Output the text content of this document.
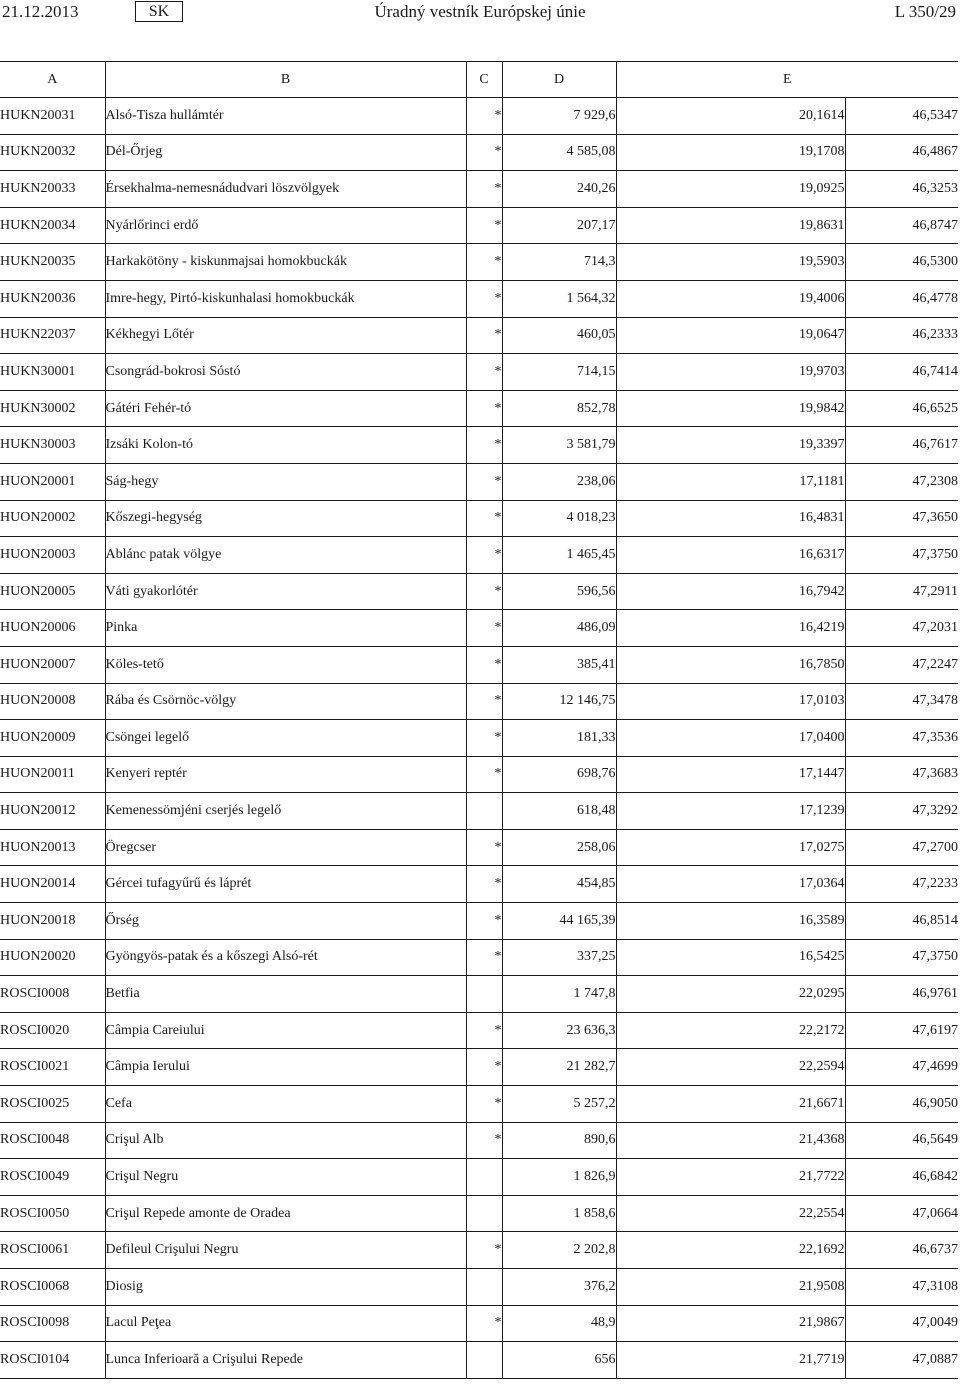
21.12.2013	SK	Úradný vestník Európskej únie	L 350/29
A	B	C	D	E	
HUKN20031	Alsó-Tisza hullámtér	*	7 929,6	20,1614	46,5347
HUKN20032	Dél-Őrjeg	*	4 585,08	19,1708	46,4867
HUKN20033	Érsekhalma-nemesnádudvari löszvölgyek	*	240,26	19,0925	46,3253
HUKN20034	Nyárlőrinci erdő	*	207,17	19,8631	46,8747
HUKN20035	Harkakötöny - kiskunmajsai homokbuckák	*	714,3	19,5903	46,5300
HUKN20036	Imre-hegy, Pirtó-kiskunhalasi homokbuckák	*	1 564,32	19,4006	46,4778
HUKN22037	Kékhegyi Lőtér	*	460,05	19,0647	46,2333
HUKN30001	Csongrád-bokrosi Sóstó	*	714,15	19,9703	46,7414
HUKN30002	Gátéri Fehér-tó	*	852,78	19,9842	46,6525
HUKN30003	Izsáki Kolon-tó	*	3 581,79	19,3397	46,7617
HUON20001	Ság-hegy	*	238,06	17,1181	47,2308
HUON20002	Kőszegi-hegység	*	4 018,23	16,4831	47,3650
HUON20003	Ablánc patak völgye	*	1 465,45	16,6317	47,3750
HUON20005	Váti gyakorlótér	*	596,56	16,7942	47,2911
HUON20006	Pinka	*	486,09	16,4219	47,2031
HUON20007	Köles-tető	*	385,41	16,7850	47,2247
HUON20008	Rába és Csörnöc-völgy	*	12 146,75	17,0103	47,3478
HUON20009	Csöngei legelő	*	181,33	17,0400	47,3536
HUON20011	Kenyeri reptér	*	698,76	17,1447	47,3683
HUON20012	Kemenessömjéni cserjés legelő		618,48	17,1239	47,3292
HUON20013	Öregcser	*	258,06	17,0275	47,2700
HUON20014	Gércei tufagyűrű és láprét	*	454,85	17,0364	47,2233
HUON20018	Őrség	*	44 165,39	16,3589	46,8514
HUON20020	Gyöngyös-patak és a kőszegi Alsó-rét	*	337,25	16,5425	47,3750
ROSCI0008	Betfia		1 747,8	22,0295	46,9761
ROSCI0020	Câmpia Careiului	*	23 636,3	22,2172	47,6197
ROSCI0021	Câmpia Ierului	*	21 282,7	22,2594	47,4699
ROSCI0025	Cefa	*	5 257,2	21,6671	46,9050
ROSCI0048	Crişul Alb	*	890,6	21,4368	46,5649
ROSCI0049	Crişul Negru		1 826,9	21,7722	46,6842
ROSCI0050	Crişul Repede amonte de Oradea		1 858,6	22,2554	47,0664
ROSCI0061	Defileul Crişului Negru	*	2 202,8	22,1692	46,6737
ROSCI0068	Diosig		376,2	21,9508	47,3108
ROSCI0098	Lacul Peţea	*	48,9	21,9867	47,0049
ROSCI0104	Lunca Inferioară a Crişului Repede		656	21,7719	47,0887
